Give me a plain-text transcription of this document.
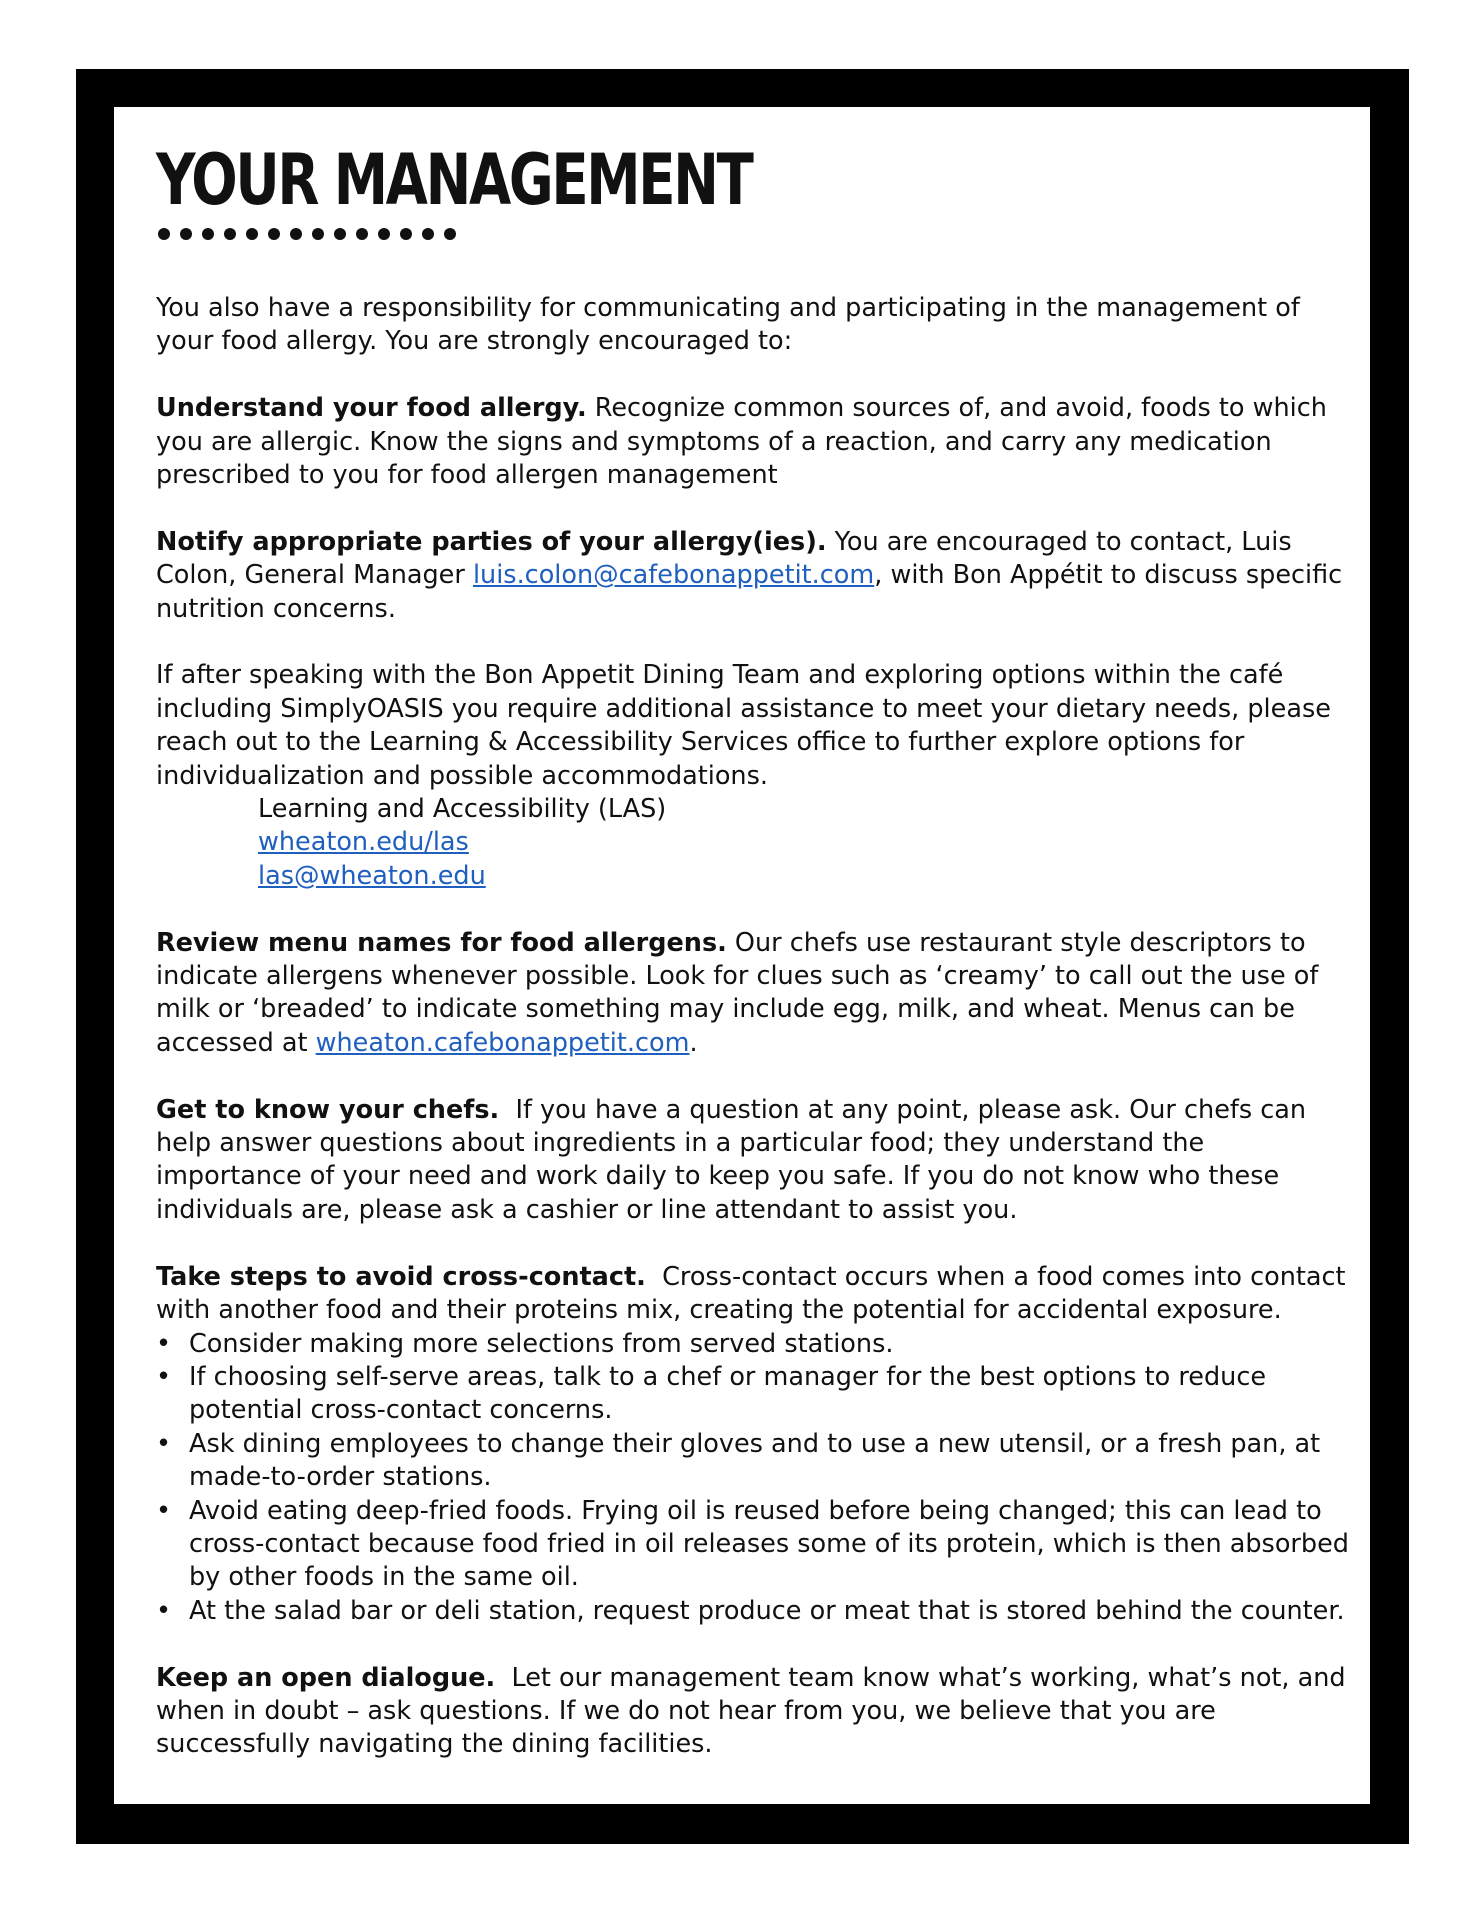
YOUR MANAGEMENT

You also have a responsibility for communicating and participating in the management of your food allergy. You are strongly encouraged to:

Understand your food allergy. Recognize common sources of, and avoid, foods to which you are allergic. Know the signs and symptoms of a reaction, and carry any medication prescribed to you for food allergen management

Notify appropriate parties of your allergy(ies). You are encouraged to contact, Luis Colon, General Manager luis.colon@cafebonappetit.com, with Bon Appétit to discuss specific nutrition concerns.

If after speaking with the Bon Appetit Dining Team and exploring options within the café including SimplyOASIS you require additional assistance to meet your dietary needs, please reach out to the Learning & Accessibility Services office to further explore options for individualization and possible accommodations.

Learning and Accessibility (LAS)
wheaton.edu/las
las@wheaton.edu

Review menu names for food allergens. Our chefs use restaurant style descriptors to indicate allergens whenever possible. Look for clues such as ‘creamy’ to call out the use of milk or ‘breaded’ to indicate something may include egg, milk, and wheat. Menus can be accessed at wheaton.cafebonappetit.com.

Get to know your chefs. If you have a question at any point, please ask. Our chefs can help answer questions about ingredients in a particular food; they understand the importance of your need and work daily to keep you safe. If you do not know who these individuals are, please ask a cashier or line attendant to assist you.

Take steps to avoid cross-contact. Cross-contact occurs when a food comes into contact with another food and their proteins mix, creating the potential for accidental exposure.

• Consider making more selections from served stations.
• If choosing self-serve areas, talk to a chef or manager for the best options to reduce potential cross-contact concerns.
• Ask dining employees to change their gloves and to use a new utensil, or a fresh pan, at made-to-order stations.
• Avoid eating deep-fried foods. Frying oil is reused before being changed; this can lead to cross-contact because food fried in oil releases some of its protein, which is then absorbed by other foods in the same oil.
• At the salad bar or deli station, request produce or meat that is stored behind the counter.

Keep an open dialogue. Let our management team know what’s working, what’s not, and when in doubt – ask questions. If we do not hear from you, we believe that you are successfully navigating the dining facilities.
